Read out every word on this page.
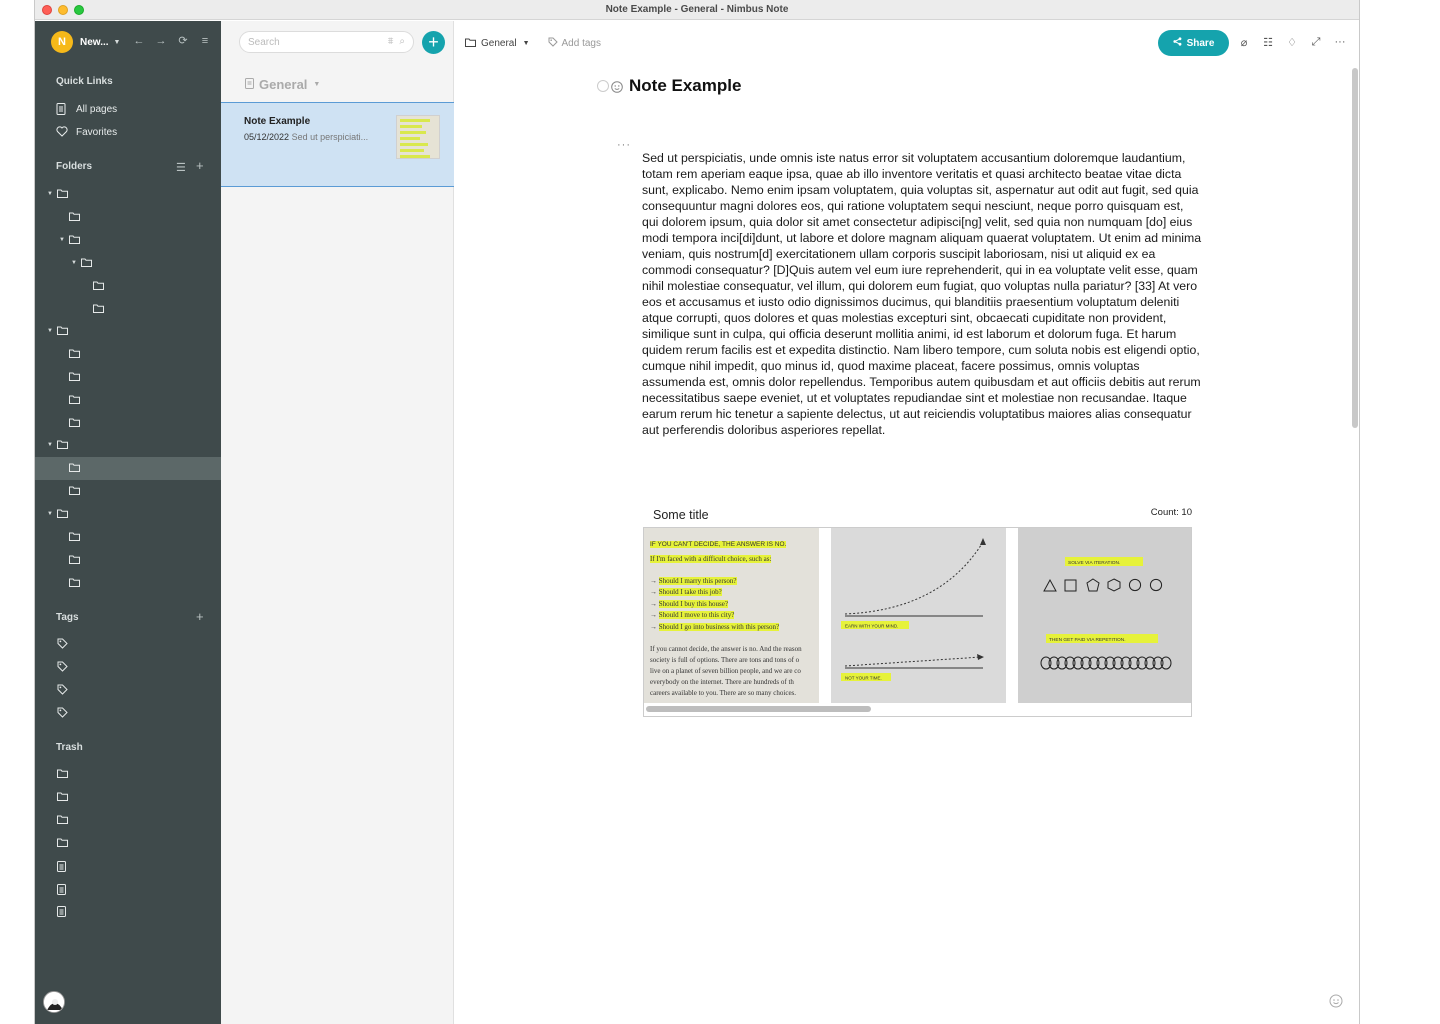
Note Example - General - Nimbus Note
N	New... ▼ ← → ⟳	≡
Quick Links
All pages
Favorites
Folders	☰ +
▼
▼
▼
▼
▼
▼
Tags	+
Trash
Search
⩨ ⌕	+
General ▼
Note Example
05/12/2022 Sed ut perspiciati...
General ▼	Add tags	Share	⌀	☷ ♢ ⤢ ···
Note Example
···
Sed ut perspiciatis, unde omnis iste natus error sit voluptatem accusantium doloremque laudantium, totam rem aperiam eaque ipsa, quae ab illo inventore veritatis et quasi architecto beatae vitae dicta sunt, explicabo. Nemo enim ipsam voluptatem, quia voluptas sit, aspernatur aut odit aut fugit, sed quia consequuntur magni dolores eos, qui ratione voluptatem sequi nesciunt, neque porro quisquam est, qui dolorem ipsum, quia dolor sit amet consectetur adipisci[ng] velit, sed quia non numquam [do] eius modi tempora inci[di]dunt, ut labore et dolore magnam aliquam quaerat voluptatem. Ut enim ad minima veniam, quis nostrum[d] exercitationem ullam corporis suscipit laboriosam, nisi ut aliquid ex ea commodi consequatur? [D]Quis autem vel eum iure reprehenderit, qui in ea voluptate velit esse, quam nihil molestiae consequatur, vel illum, qui dolorem eum fugiat, quo voluptas nulla pariatur? [33] At vero eos et accusamus et iusto odio dignissimos ducimus, qui blanditiis praesentium voluptatum deleniti atque corrupti, quos dolores et quas molestias excepturi sint, obcaecati cupiditate non provident, similique sunt in culpa, qui officia deserunt mollitia animi, id est laborum et dolorum fuga. Et harum quidem rerum facilis est et expedita distinctio. Nam libero tempore, cum soluta nobis est eligendi optio, cumque nihil impedit, quo minus id, quod maxime placeat, facere possimus, omnis voluptas assumenda est, omnis dolor repellendus. Temporibus autem quibusdam et aut officiis debitis aut rerum necessitatibus saepe eveniet, ut et voluptates repudiandae sint et molestiae non recusandae. Itaque earum rerum hic tenetur a sapiente delectus, ut aut reiciendis voluptatibus maiores alias consequatur aut perferendis doloribus asperiores repellat.
Some title	Count: 10
IF YOU CAN'T DECIDE, THE ANSWER IS NO.
If I'm faced with a difficult choice, such as:
→ Should I marry this person?
→ Should I take this job?
→ Should I buy this house?
→ Should I move to this city?
→ Should I go into business with this person?
If you cannot decide, the answer is no. And the reason
society is full of options. There are tons and tons of o
live on a planet of seven billion people, and we are co
everybody on the internet. There are hundreds of th
careers available to you. There are so many choices.
EARN WITH YOUR MIND.
NOT YOUR TIME.
SOLVE VIA ITERATION.
THEN GET PAID VIA REPETITION.
